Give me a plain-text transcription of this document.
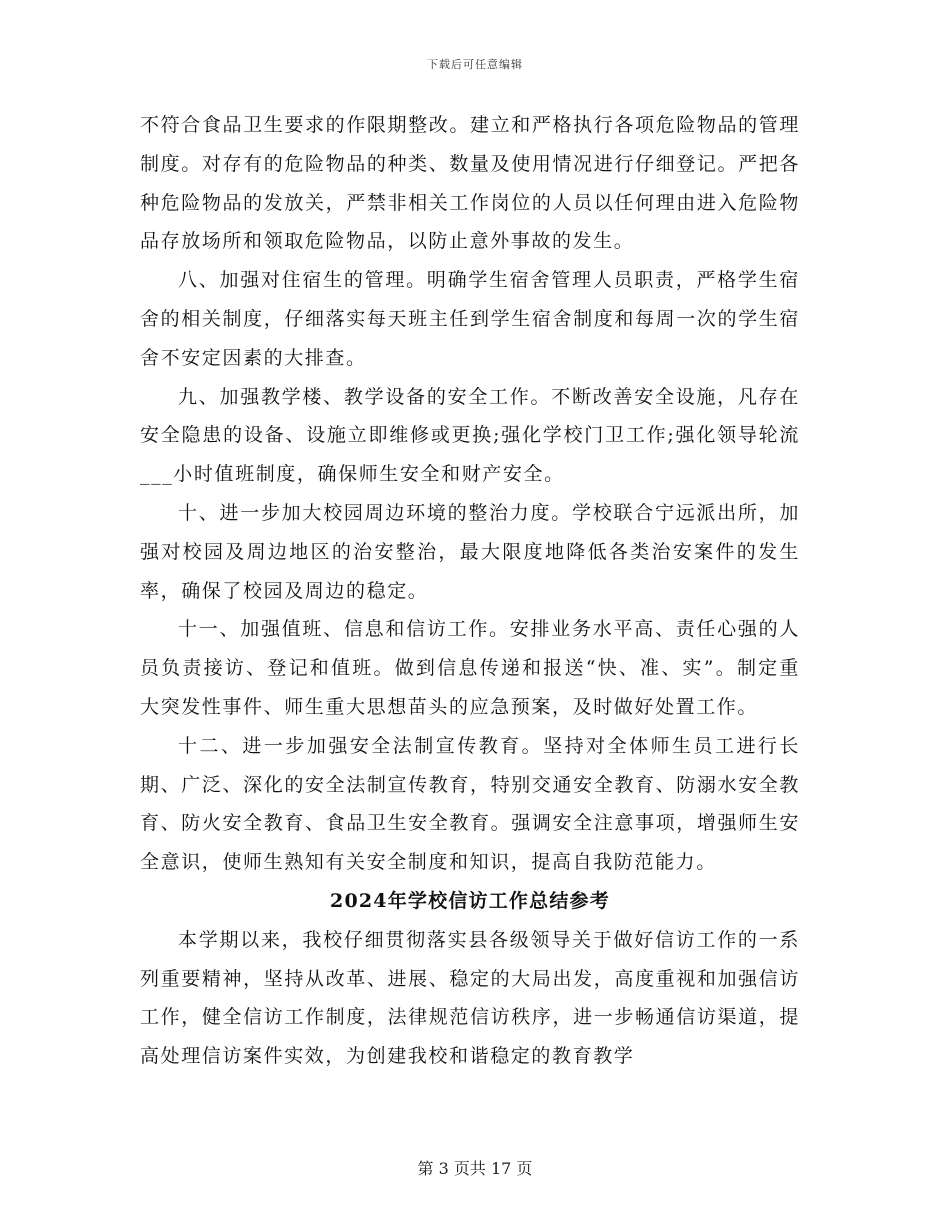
下载后可任意编辑

不符合食品卫生要求的作限期整改。建立和严格执行各项危险物品的管理制度。对存有的危险物品的种类、数量及使用情况进行仔细登记。严把各种危险物品的发放关，严禁非相关工作岗位的人员以任何理由进入危险物品存放场所和领取危险物品，以防止意外事故的发生。

八、加强对住宿生的管理。明确学生宿舍管理人员职责，严格学生宿舍的相关制度，仔细落实每天班主任到学生宿舍制度和每周一次的学生宿舍不安定因素的大排查。

九、加强教学楼、教学设备的安全工作。不断改善安全设施，凡存在安全隐患的设备、设施立即维修或更换;强化学校门卫工作;强化领导轮流___小时值班制度，确保师生安全和财产安全。

十、进一步加大校园周边环境的整治力度。学校联合宁远派出所，加强对校园及周边地区的治安整治，最大限度地降低各类治安案件的发生率，确保了校园及周边的稳定。

十一、加强值班、信息和信访工作。安排业务水平高、责任心强的人员负责接访、登记和值班。做到信息传递和报送“快、准、实”。制定重大突发性事件、师生重大思想苗头的应急预案，及时做好处置工作。

十二、进一步加强安全法制宣传教育。坚持对全体师生员工进行长期、广泛、深化的安全法制宣传教育，特别交通安全教育、防溺水安全教育、防火安全教育、食品卫生安全教育。强调安全注意事项，增强师生安全意识，使师生熟知有关安全制度和知识，提高自我防范能力。

2024年学校信访工作总结参考

本学期以来，我校仔细贯彻落实县各级领导关于做好信访工作的一系列重要精神，坚持从改革、进展、稳定的大局出发，高度重视和加强信访工作，健全信访工作制度，法律规范信访秩序，进一步畅通信访渠道，提高处理信访案件实效，为创建我校和谐稳定的教育教学

第 3 页共 17 页
